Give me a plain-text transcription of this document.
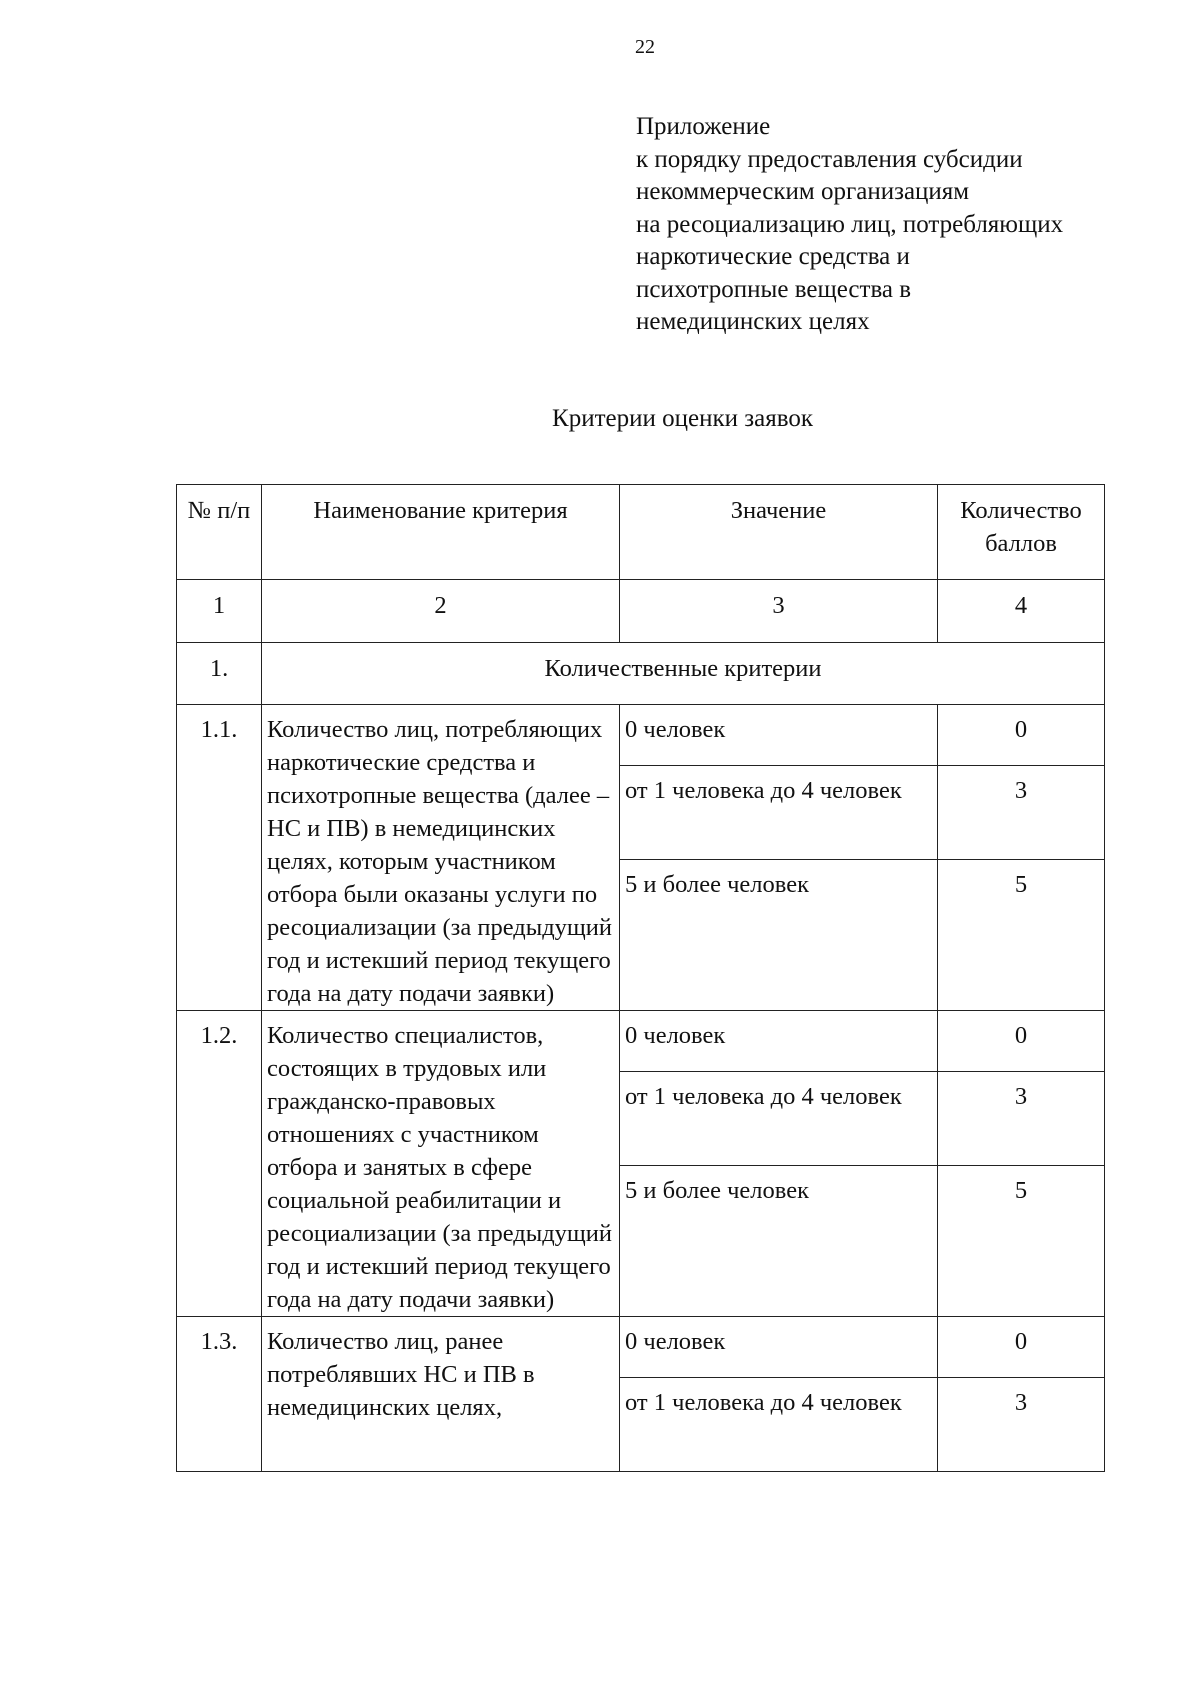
22
Приложение
к порядку предоставления субсидии
некоммерческим организациям
на ресоциализацию лиц, потребляющих
наркотические средства и
психотропные вещества в
немедицинских целях
Критерии оценки заявок
№ п/п	Наименование критерия	Значение	Количество баллов
1	2	3	4
1.	Количественные критерии		
1.1.	Количество лиц, потребляющих наркотические средства и психотропные вещества (далее – НС и ПВ) в немедицинских целях, которым участником отбора были оказаны услуги по ресоциализации (за предыдущий год и истекший период текущего года на дату подачи заявки)	0 человек	0
		от 1 человека до 4 человек	3
		5 и более человек	5
1.2.	Количество специалистов, состоящих в трудовых или гражданско-правовых отношениях с участником отбора и занятых в сфере социальной реабилитации и ресоциализации (за предыдущий год и истекший период текущего года на дату подачи заявки)	0 человек	0
		от 1 человека до 4 человек	3
		5 и более человек	5
1.3.	Количество лиц, ранее потреблявших НС и ПВ в немедицинских целях,	0 человек	0
		от 1 человека до 4 человек	3
